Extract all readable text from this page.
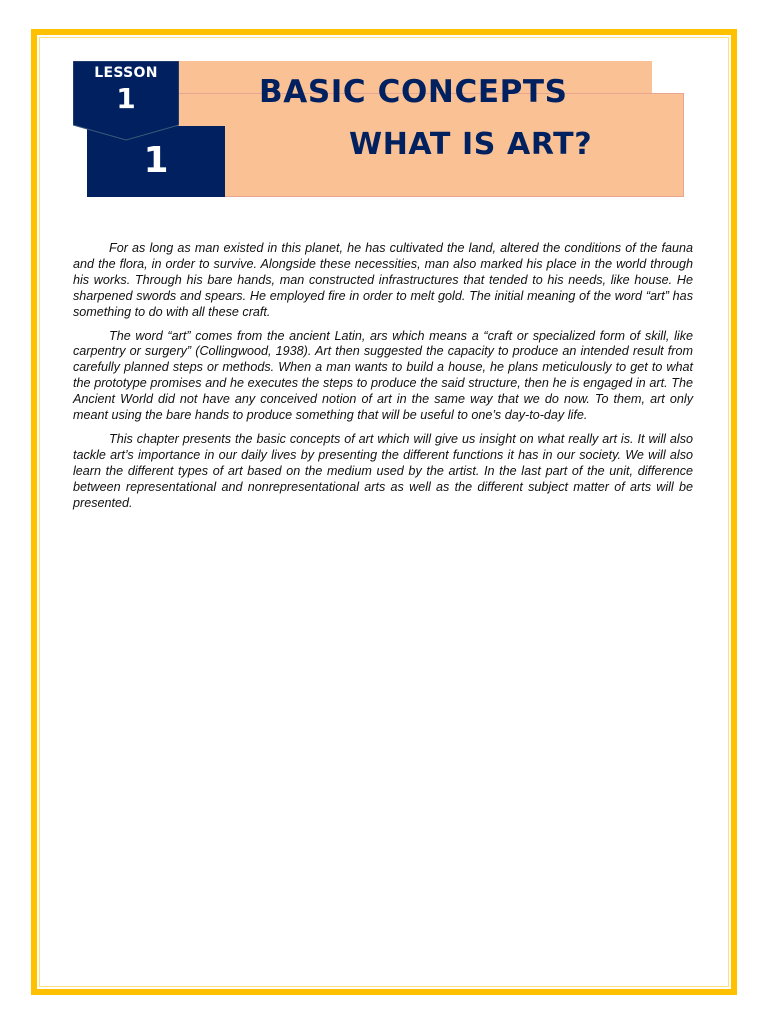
LESSON
1
1
BASIC CONCEPTS
WHAT IS ART?

For as long as man existed in this planet, he has cultivated the land, altered the conditions of the fauna and the flora, in order to survive. Alongside these necessities, man also marked his place in the world through his works. Through his bare hands, man constructed infrastructures that tended to his needs, like house. He sharpened swords and spears. He employed fire in order to melt gold. The initial meaning of the word “art” has something to do with all these craft.

The word “art” comes from the ancient Latin, ars which means a “craft or specialized form of skill, like carpentry or surgery” (Collingwood, 1938). Art then suggested the capacity to produce an intended result from carefully planned steps or methods. When a man wants to build a house, he plans meticulously to get to what the prototype promises and he executes the steps to produce the said structure, then he is engaged in art. The Ancient World did not have any conceived notion of art in the same way that we do now. To them, art only meant using the bare hands to produce something that will be useful to one’s day-to-day life.

This chapter presents the basic concepts of art which will give us insight on what really art is. It will also tackle art’s importance in our daily lives by presenting the different functions it has in our society. We will also learn the different types of art based on the medium used by the artist. In the last part of the unit, difference between representational and nonrepresentational arts as well as the different subject matter of arts will be presented.
